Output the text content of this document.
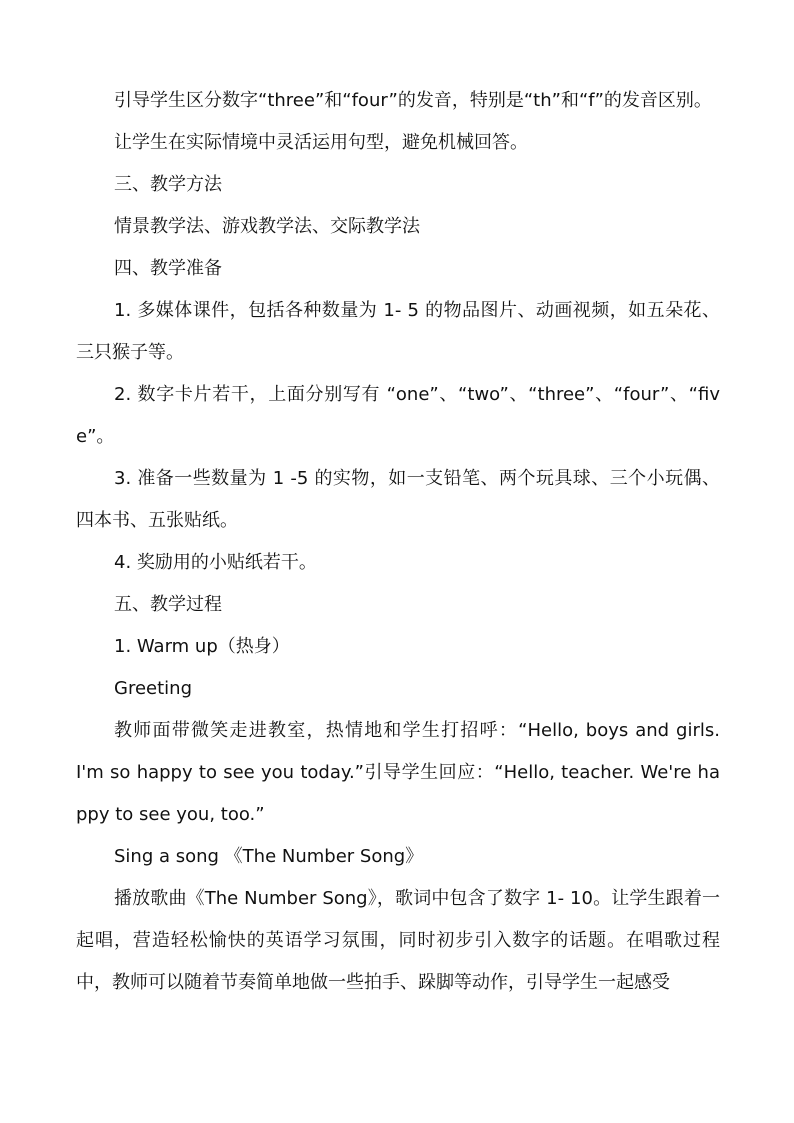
引导学生区分数字“three”和“four”的发音，特别是“th”和“f”的发音区别。

让学生在实际情境中灵活运用句型，避免机械回答。

三、教学方法

情景教学法、游戏教学法、交际教学法

四、教学准备

1. 多媒体课件，包括各种数量为 1- 5 的物品图片、动画视频，如五朵花、三只猴子等。

2. 数字卡片若干，上面分别写有 “one”、“two”、“three”、“four”、“five”。

3. 准备一些数量为 1 -5 的实物，如一支铅笔、两个玩具球、三个小玩偶、四本书、五张贴纸。

4. 奖励用的小贴纸若干。

五、教学过程

1. Warm up（热身）

Greeting

教师面带微笑走进教室，热情地和学生打招呼：“Hello, boys and girls. I'm so happy to see you today.”引导学生回应：“Hello, teacher. We're happy to see you, too.”

Sing a song 《The Number Song》

播放歌曲《The Number Song》，歌词中包含了数字 1- 10。让学生跟着一起唱，营造轻松愉快的英语学习氛围，同时初步引入数字的话题。在唱歌过程中，教师可以随着节奏简单地做一些拍手、跺脚等动作，引导学生一起感受
